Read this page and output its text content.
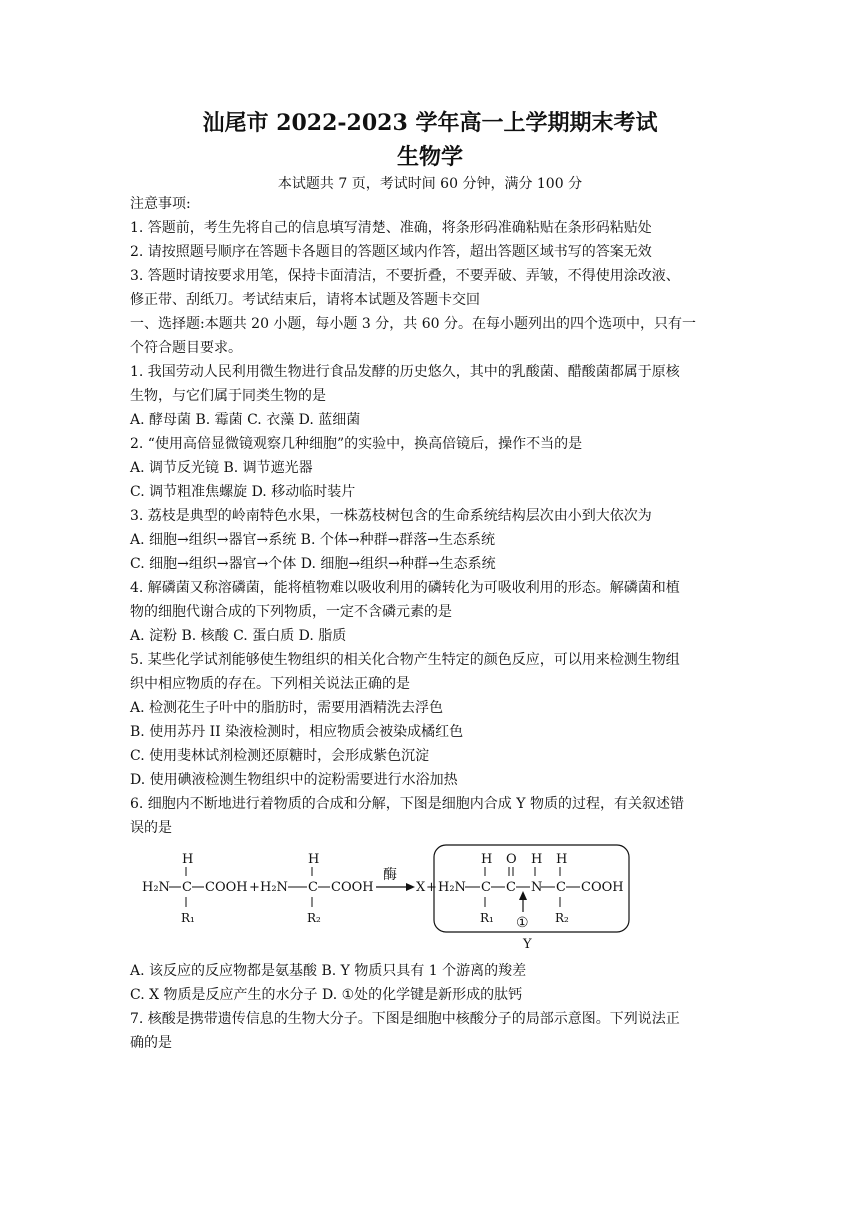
汕尾市 2022-2023 学年高一上学期期末考试
生物学
本试题共 7 页，考试时间 60 分钟，满分 100 分
注意事项:
1. 答题前，考生先将自己的信息填写清楚、准确，将条形码准确粘贴在条形码粘贴处
2. 请按照题号顺序在答题卡各题目的答题区域内作答，超出答题区域书写的答案无效
3. 答题时请按要求用笔，保持卡面清洁，不要折叠，不要弄破、弄皱，不得使用涂改液、
修正带、刮纸刀。考试结束后，请将本试题及答题卡交回
一、选择题:本题共 20 小题，每小题 3 分，共 60 分。在每小题列出的四个选项中，只有一
个符合题目要求。
1. 我国劳动人民利用微生物进行食品发酵的历史悠久，其中的乳酸菌、醋酸菌都属于原核
生物，与它们属于同类生物的是
A. 酵母菌 B. 霉菌 C. 衣藻 D. 蓝细菌
2. “使用高倍显微镜观察几种细胞”的实验中，换高倍镜后，操作不当的是
A. 调节反光镜 B. 调节遮光器
C. 调节粗准焦螺旋 D. 移动临时装片
3. 荔枝是典型的岭南特色水果，一株荔枝树包含的生命系统结构层次由小到大依次为
A. 细胞→组织→器官→系统 B. 个体→种群→群落→生态系统
C. 细胞→组织→器官→个体 D. 细胞→组织→种群→生态系统
4. 解磷菌又称溶磷菌，能将植物难以吸收利用的磷转化为可吸收利用的形态。解磷菌和植
物的细胞代谢合成的下列物质，一定不含磷元素的是
A. 淀粉 B. 核酸 C. 蛋白质 D. 脂质
5. 某些化学试剂能够使生物组织的相关化合物产生特定的颜色反应，可以用来检测生物组
织中相应物质的存在。下列相关说法正确的是
A. 检测花生子叶中的脂肪时，需要用酒精洗去浮色
B. 使用苏丹 II 染液检测时，相应物质会被染成橘红色
C. 使用斐林试剂检测还原糖时，会形成紫色沉淀
D. 使用碘液检测生物组织中的淀粉需要进行水浴加热
6. 细胞内不断地进行着物质的合成和分解，下图是细胞内合成 Y 物质的过程，有关叙述错
误的是
H
H₂N C COOH
R₁
+
H
H₂N C COOH
R₂
酶
X +
H O H H
H₂N C C N C COOH
R₁	R₂
①
Y
A. 该反应的反应物都是氨基酸 B. Y 物质只具有 1 个游离的羧差
C. X 物质是反应产生的水分子 D. ①处的化学键是新形成的肽钙
7. 核酸是携带遗传信息的生物大分子。下图是细胞中核酸分子的局部示意图。下列说法正
确的是
